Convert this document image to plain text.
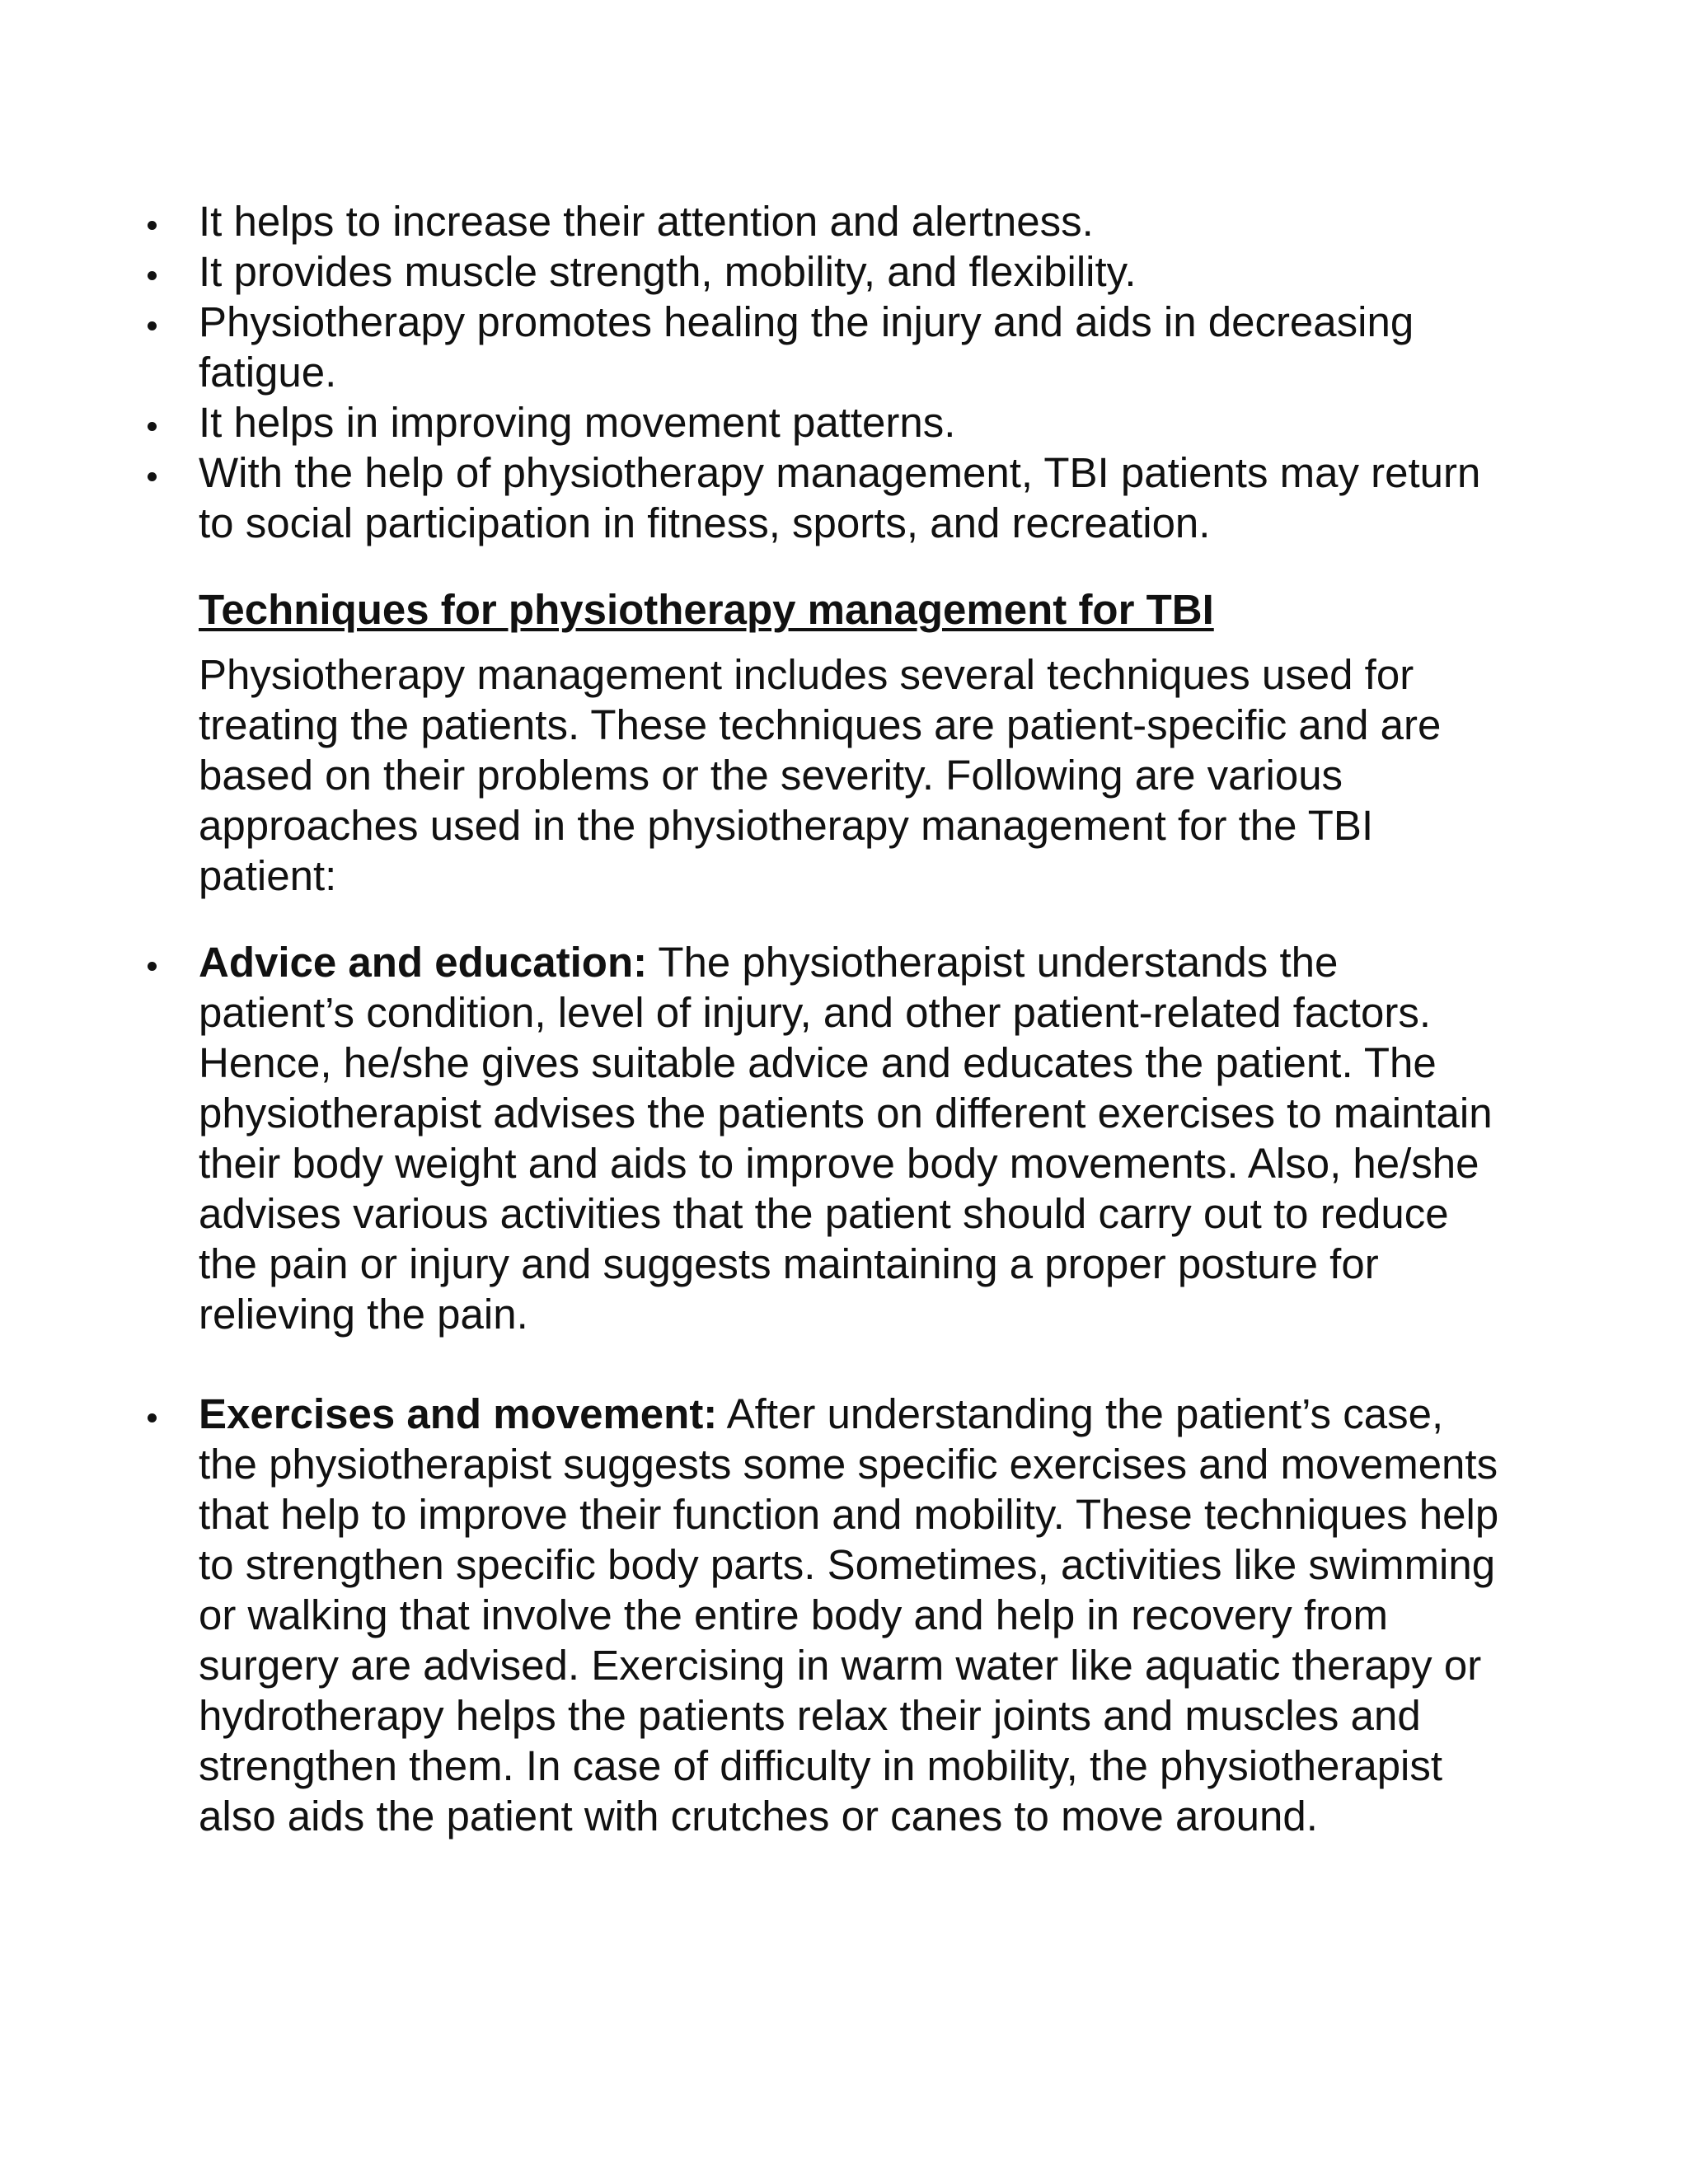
It helps to increase their attention and alertness.
It provides muscle strength, mobility, and flexibility.
Physiotherapy promotes healing the injury and aids in decreasing fatigue.
It helps in improving movement patterns.
With the help of physiotherapy management, TBI patients may return to social participation in fitness, sports, and recreation.
Techniques for physiotherapy management for TBI

Physiotherapy management includes several techniques used for treating the patients. These techniques are patient-specific and are based on their problems or the severity. Following are various approaches used in the physiotherapy management for the TBI patient:

Advice and education: The physiotherapist understands the patient’s condition, level of injury, and other patient-related factors. Hence, he/she gives suitable advice and educates the patient. The physiotherapist advises the patients on different exercises to maintain their body weight and aids to improve body movements. Also, he/she advises various activities that the patient should carry out to reduce the pain or injury and suggests maintaining a proper posture for relieving the pain.
Exercises and movement: After understanding the patient’s case, the physiotherapist suggests some specific exercises and movements that help to improve their function and mobility. These techniques help to strengthen specific body parts. Sometimes, activities like swimming or walking that involve the entire body and help in recovery from surgery are advised. Exercising in warm water like aquatic therapy or hydrotherapy helps the patients relax their joints and muscles and strengthen them. In case of difficulty in mobility, the physiotherapist also aids the patient with crutches or canes to move around.
